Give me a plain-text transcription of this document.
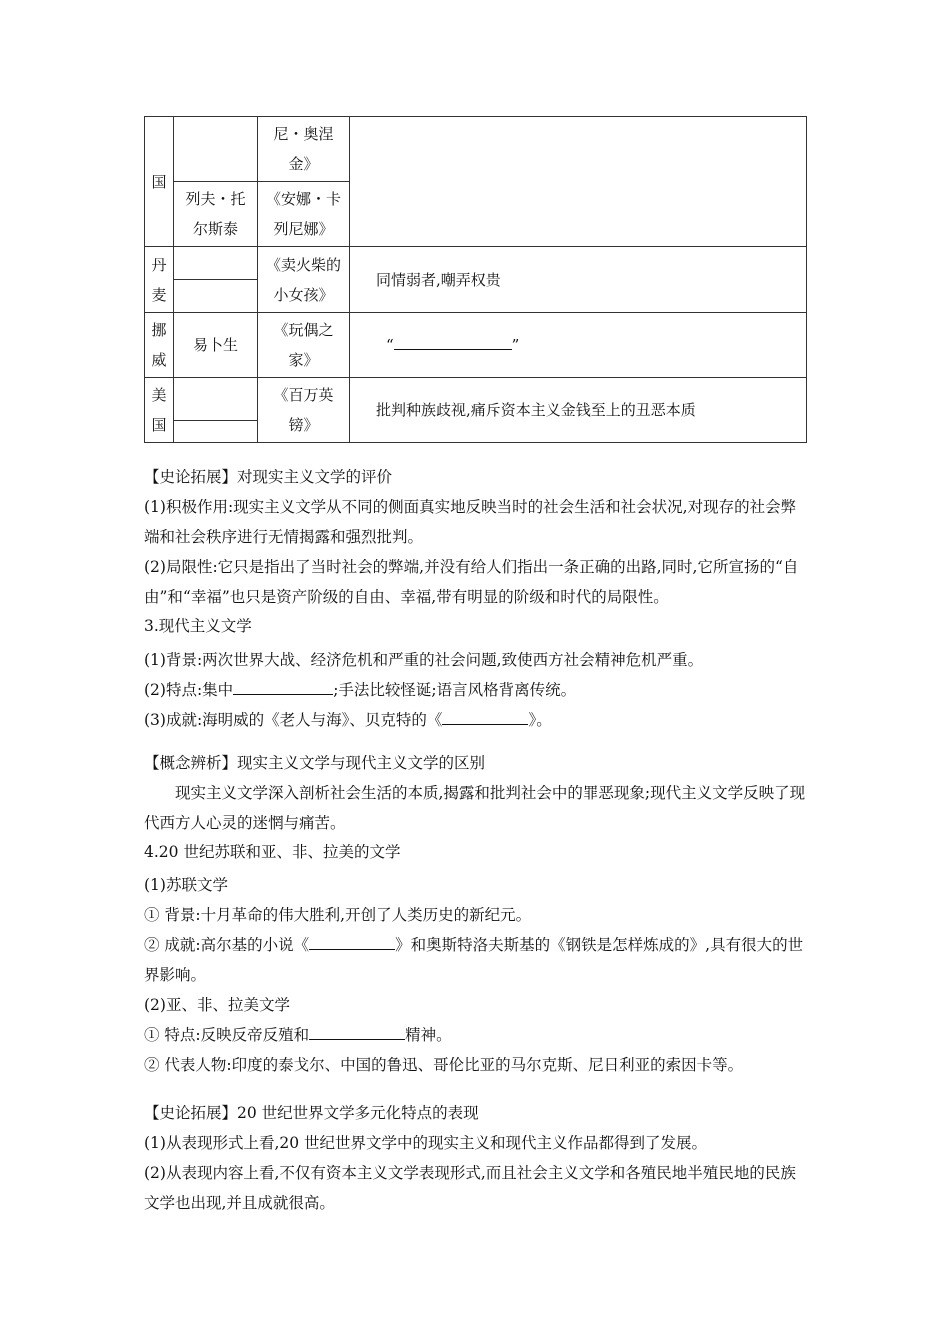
国		尼・奥涅金》	
	列夫・托尔斯泰	《安娜・卡列尼娜》	
丹麦		《卖火柴的小女孩》	同情弱者,嘲弄权贵
挪威	易卜生	《玩偶之家》	“ ”
美国		《百万英镑》	批判种族歧视,痛斥资本主义金钱至上的丑恶本质

【史论拓展】对现实主义文学的评价

(1)积极作用:现实主义文学从不同的侧面真实地反映当时的社会生活和社会状况,对现存的社会弊端和社会秩序进行无情揭露和强烈批判。

(2)局限性:它只是指出了当时社会的弊端,并没有给人们指出一条正确的出路,同时,它所宣扬的“自由”和“幸福”也只是资产阶级的自由、幸福,带有明显的阶级和时代的局限性。

3.现代主义文学

(1)背景:两次世界大战、经济危机和严重的社会问题,致使西方社会精神危机严重。

(2)特点:集中	;手法比较怪诞;语言风格背离传统。

(3)成就:海明威的《老人与海》、贝克特的《	》。

【概念辨析】现实主义文学与现代主义文学的区别

现实主义文学深入剖析社会生活的本质,揭露和批判社会中的罪恶现象;现代主义文学反映了现代西方人心灵的迷惘与痛苦。

4.20 世纪苏联和亚、非、拉美的文学

(1)苏联文学

① 背景:十月革命的伟大胜利,开创了人类历史的新纪元。

② 成就:高尔基的小说《	》和奥斯特洛夫斯基的《钢铁是怎样炼成的》,具有很大的世界影响。

(2)亚、非、拉美文学

① 特点:反映反帝反殖和	精神。

② 代表人物:印度的泰戈尔、中国的鲁迅、哥伦比亚的马尔克斯、尼日利亚的索因卡等。

【史论拓展】20 世纪世界文学多元化特点的表现

(1)从表现形式上看,20 世纪世界文学中的现实主义和现代主义作品都得到了发展。

(2)从表现内容上看,不仅有资本主义文学表现形式,而且社会主义文学和各殖民地半殖民地的民族文学也出现,并且成就很高。
